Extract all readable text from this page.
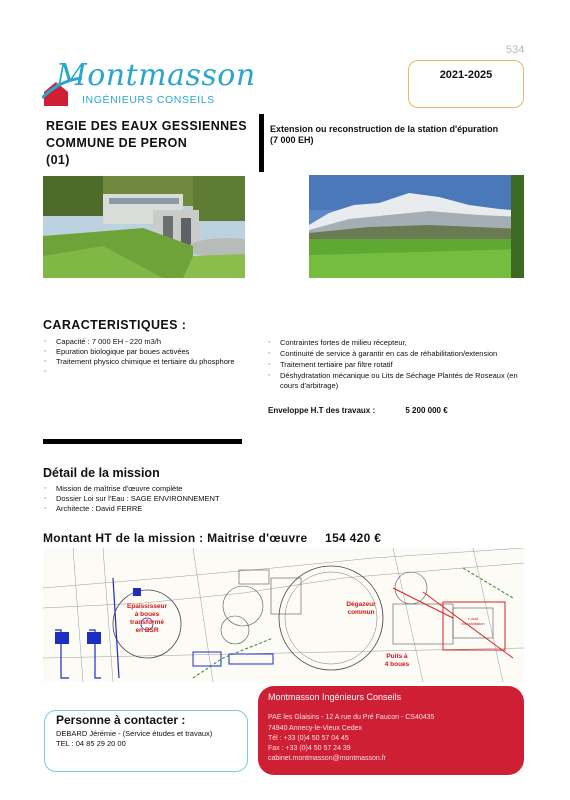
534
Montmasson
INGÉNIEURS CONSEILS
2021-2025
REGIE DES EAUX GESSIENNES
COMMUNE DE PERON
(01)
Extension ou reconstruction de la station d'épuration
(7 000 EH)
CARACTERISTIQUES :
◦ Capacité : 7 000 EH - 220 m3/h
◦ Epuration biologique par boues activées
◦ Traitement physico chimique et tertiaire du phosphore
◦ Contraintes fortes de milieu récepteur,
◦ Continuité de service à garantir en cas de réhabilitation/extension
◦ Traitement tertiaire par filtre rotatif
◦ Déshydratation mécanique ou Lits de Séchage Plantés de Roseaux (en cours d'arbitrage)
Enveloppe H.T des travaux :	5 200 000 €
Détail de la mission
◦ Mission de maîtrise d'œuvre complète
◦ Dossier Loi sur l'Eau : SAGE ENVIRONNEMENT
◦ Architecte : David FERRE
Montant HT de la mission : Maitrise d'œuvre 154 420 €
Epaississeur
à boues
transformé
en BSR
Dégazeur
commun
Puits à
4 boues
Local
d'exploitation
Personne à contacter :
DEBARD Jérémie - (Service études et travaux)
TEL : 04 85 29 20 00
Montmasson Ingénieurs Conseils
PAE les Glaisins - 12 A rue du Pré Faucon - CS40435
74940 Annecy-le-Vieux Cedex
Tél : +33 (0)4 50 57 04 45
Fax : +33 (0)4 50 57 24 39
cabinet.montmasson@montmasson.fr
